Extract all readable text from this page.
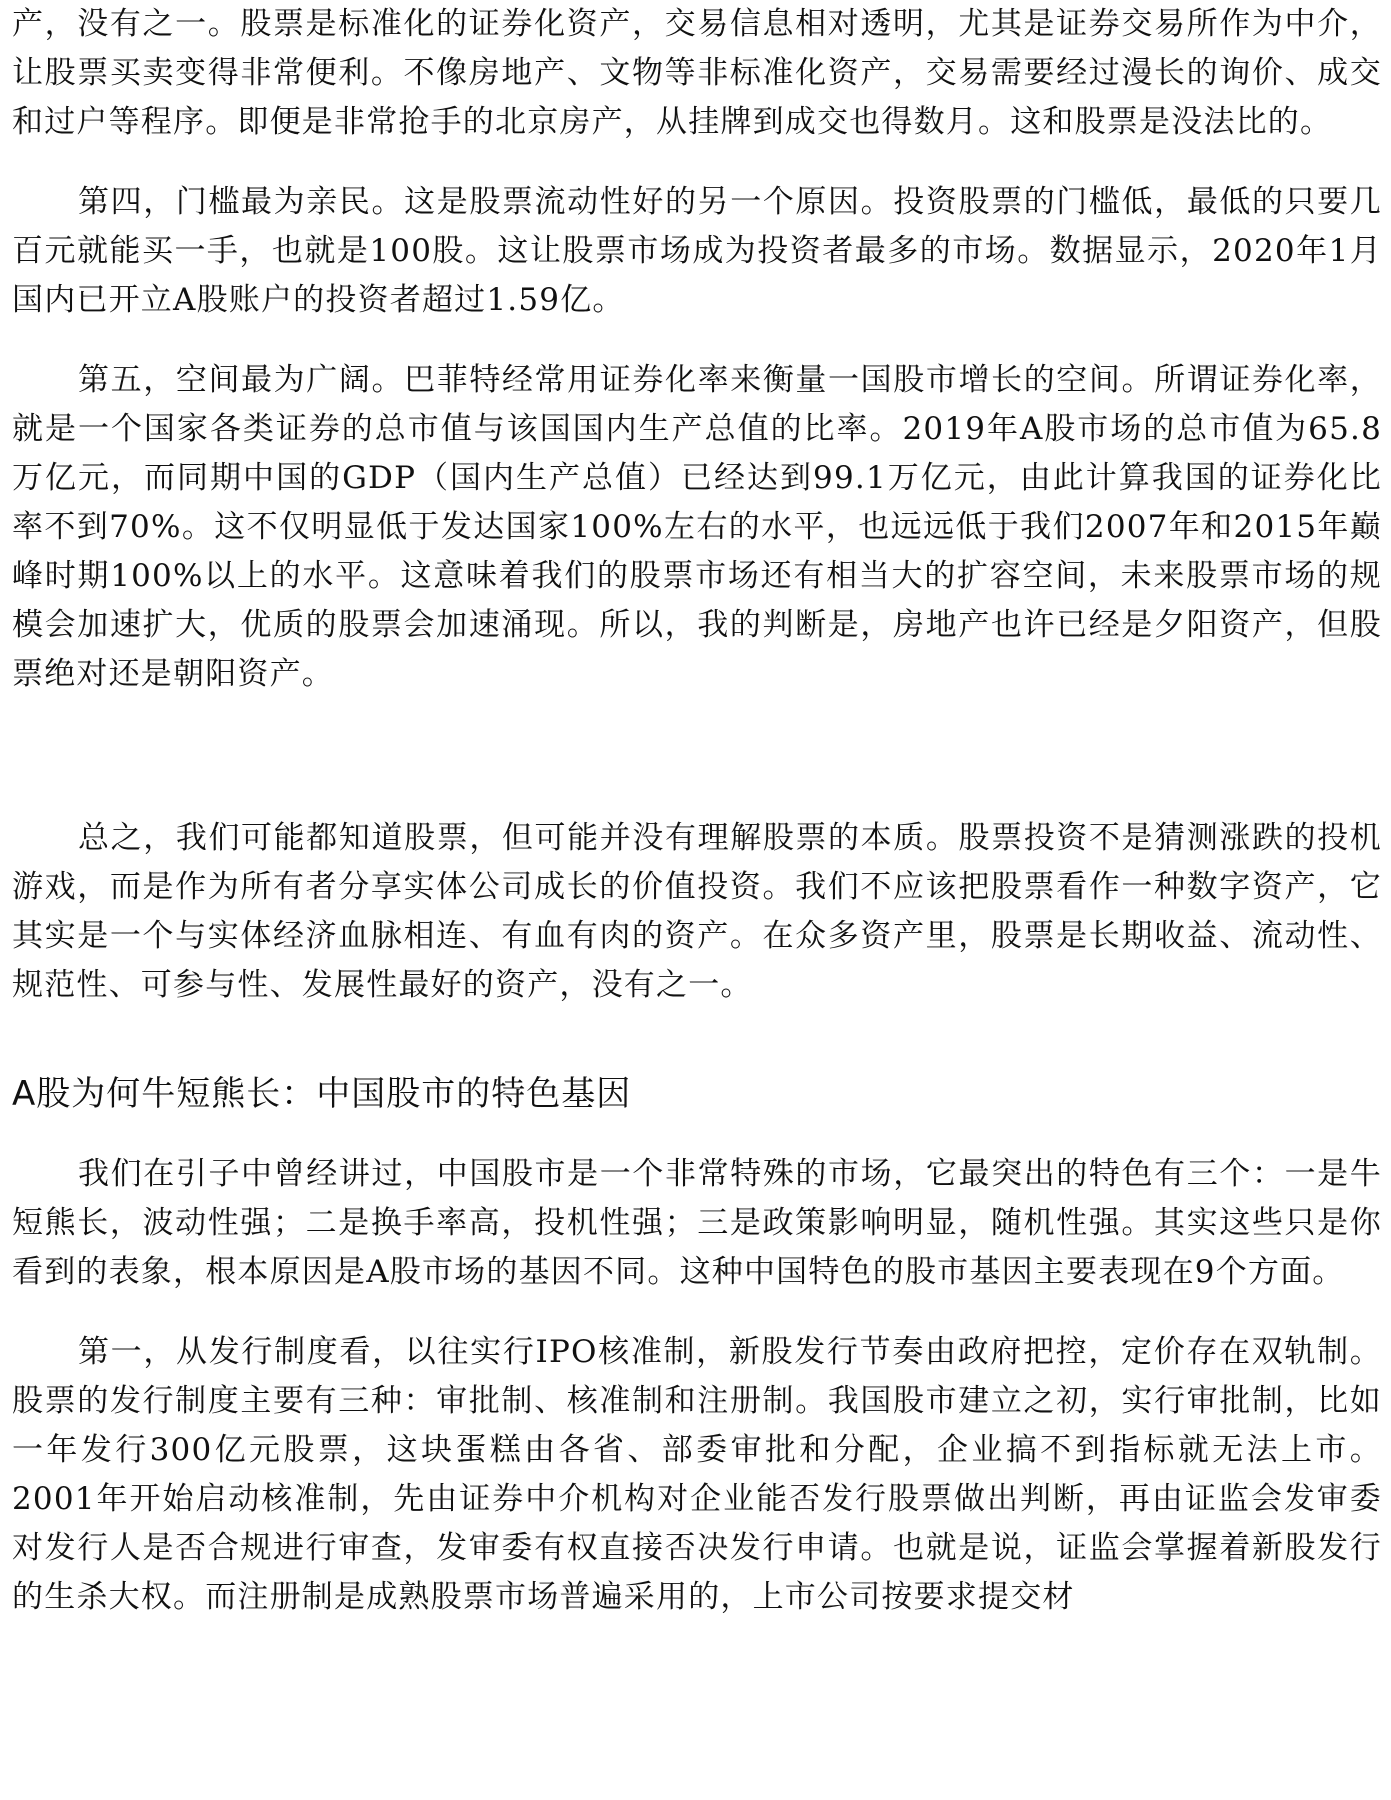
产，没有之一。股票是标准化的证券化资产，交易信息相对透明，尤其是证券交易所作为中介，让股票买卖变得非常便利。不像房地产、文物等非标准化资产，交易需要经过漫长的询价、成交和过户等程序。即便是非常抢手的北京房产，从挂牌到成交也得数月。这和股票是没法比的。

第四，门槛最为亲民。这是股票流动性好的另一个原因。投资股票的门槛低，最低的只要几百元就能买一手，也就是100股。这让股票市场成为投资者最多的市场。数据显示，2020年1月国内已开立A股账户的投资者超过1.59亿。

第五，空间最为广阔。巴菲特经常用证券化率来衡量一国股市增长的空间。所谓证券化率，就是一个国家各类证券的总市值与该国国内生产总值的比率。2019年A股市场的总市值为65.8万亿元，而同期中国的GDP（国内生产总值）已经达到99.1万亿元，由此计算我国的证券化比率不到70%。这不仅明显低于发达国家100%左右的水平，也远远低于我们2007年和2015年巅峰时期100%以上的水平。这意味着我们的股票市场还有相当大的扩容空间，未来股票市场的规模会加速扩大，优质的股票会加速涌现。所以，我的判断是，房地产也许已经是夕阳资产，但股票绝对还是朝阳资产。

总之，我们可能都知道股票，但可能并没有理解股票的本质。股票投资不是猜测涨跌的投机游戏，而是作为所有者分享实体公司成长的价值投资。我们不应该把股票看作一种数字资产，它其实是一个与实体经济血脉相连、有血有肉的资产。在众多资产里，股票是长期收益、流动性、规范性、可参与性、发展性最好的资产，没有之一。

A股为何牛短熊长：中国股市的特色基因

我们在引子中曾经讲过，中国股市是一个非常特殊的市场，它最突出的特色有三个：一是牛短熊长，波动性强；二是换手率高，投机性强；三是政策影响明显，随机性强。其实这些只是你看到的表象，根本原因是A股市场的基因不同。这种中国特色的股市基因主要表现在9个方面。

第一，从发行制度看，以往实行IPO核准制，新股发行节奏由政府把控，定价存在双轨制。股票的发行制度主要有三种：审批制、核准制和注册制。我国股市建立之初，实行审批制，比如一年发行300亿元股票，这块蛋糕由各省、部委审批和分配，企业搞不到指标就无法上市。2001年开始启动核准制，先由证券中介机构对企业能否发行股票做出判断，再由证监会发审委对发行人是否合规进行审查，发审委有权直接否决发行申请。也就是说，证监会掌握着新股发行的生杀大权。而注册制是成熟股票市场普遍采用的，上市公司按要求提交材
